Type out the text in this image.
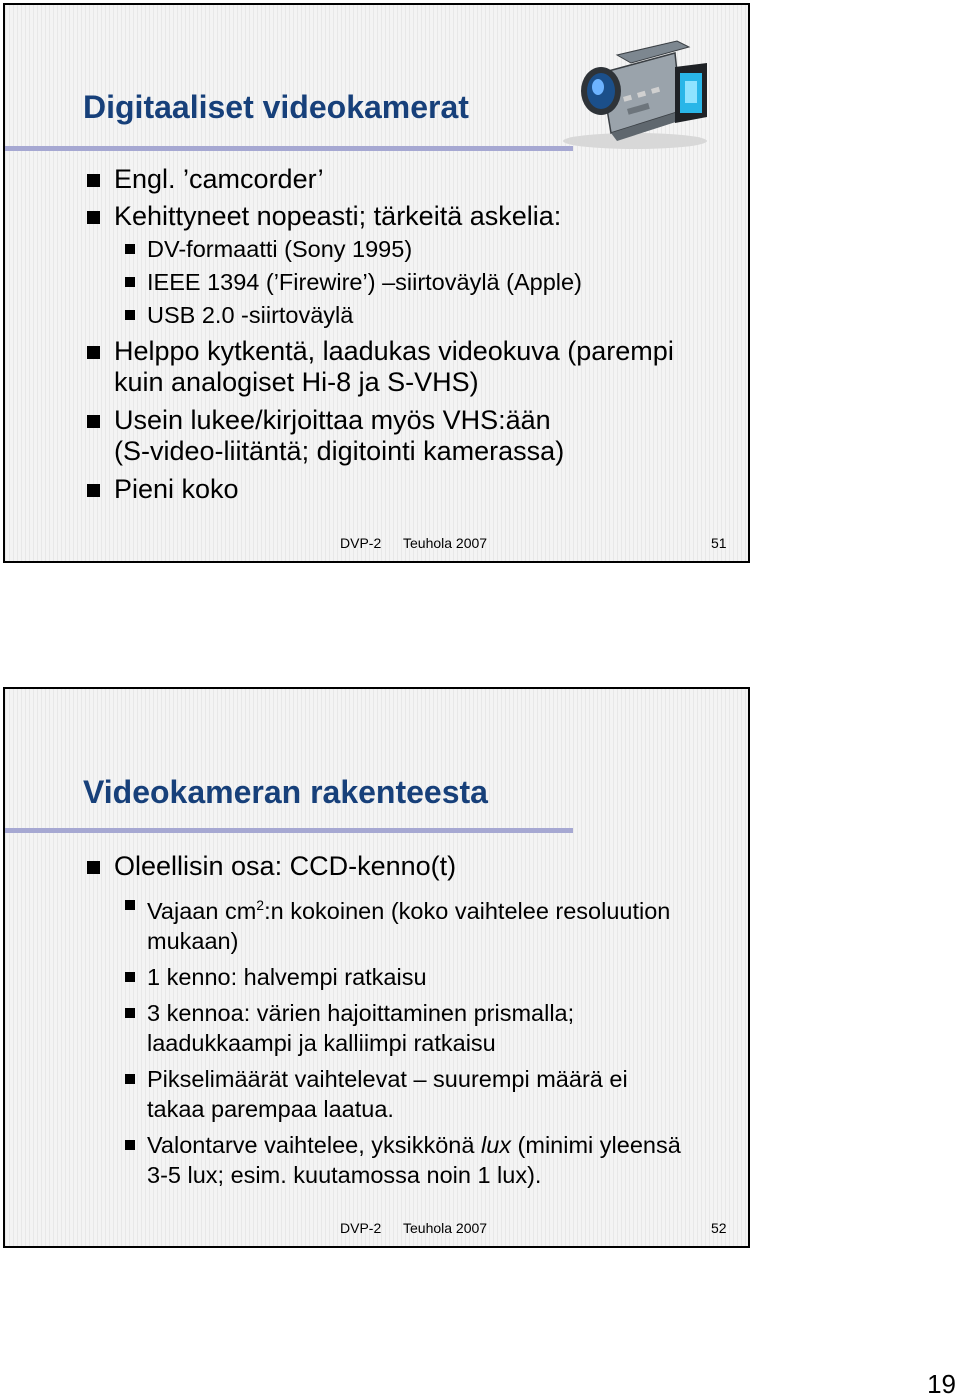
Digitaaliset videokamerat
Engl. ’camcorder’
Kehittyneet nopeasti; tärkeitä askelia:
DV-formaatti (Sony 1995)
IEEE 1394 (’Firewire’) –siirtoväylä (Apple)
USB 2.0 -siirtoväylä
Helppo kytkentä, laadukas videokuva (parempi
kuin analogiset Hi-8 ja S-VHS)
Usein lukee/kirjoittaa myös VHS:ään
(S-video-liitäntä; digitointi kamerassa)
Pieni koko
DVP-2 Teuhola 2007	51
Videokameran rakenteesta
Oleellisin osa: CCD-kenno(t)
Vajaan $cm^2:n$ kokoinen (koko vaihtelee resoluution
mukaan)
1 kenno: halvempi ratkaisu
3 kennoa: värien hajoittaminen prismalla;
laadukkaampi ja kalliimpi ratkaisu
Pikselimäärät vaihtelevat – suurempi määrä ei
takaa parempaa laatua.
Valontarve vaihtelee, yksikkönä lux (minimi yleensä
3-5 lux; esim. kuutamossa noin 1 lux).
DVP-2 Teuhola 2007	52
19
